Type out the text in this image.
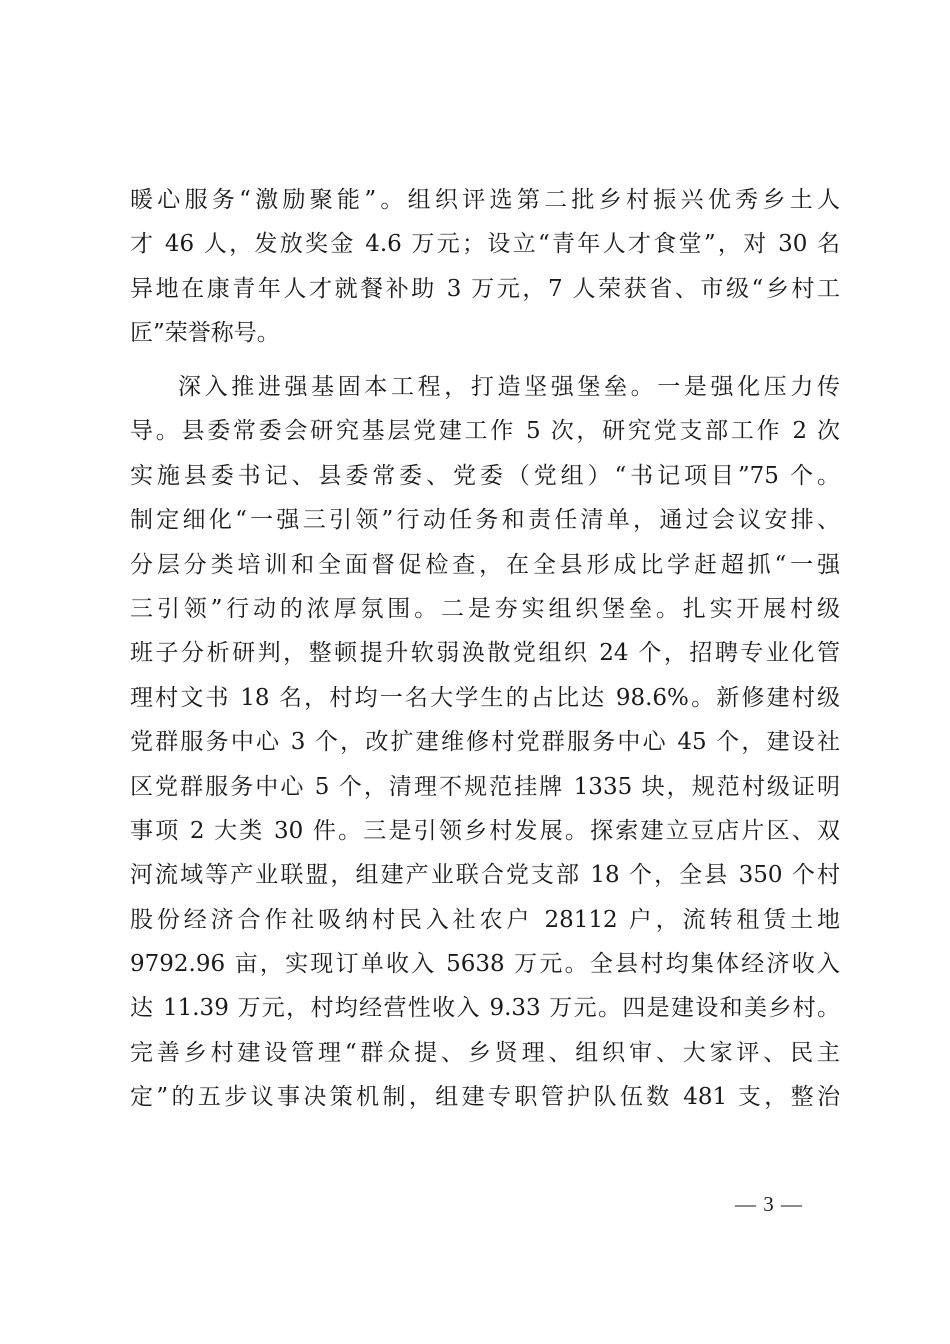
暖心服务“激励聚能”。组织评选第二批乡村振兴优秀乡土人
才 46 人，发放奖金 4.6 万元；设立“青年人才食堂”，对 30 名
异地在康青年人才就餐补助 3 万元，7 人荣获省、市级“乡村工
匠”荣誉称号。
深入推进强基固本工程，打造坚强堡垒。一是强化压力传
导。县委常委会研究基层党建工作 5 次，研究党支部工作 2 次
实施县委书记、县委常委、党委（党组）“书记项目”75 个。
制定细化“一强三引领”行动任务和责任清单，通过会议安排、
分层分类培训和全面督促检查，在全县形成比学赶超抓“一强
三引领”行动的浓厚氛围。二是夯实组织堡垒。扎实开展村级
班子分析研判，整顿提升软弱涣散党组织 24 个，招聘专业化管
理村文书 18 名，村均一名大学生的占比达 98.6%。新修建村级
党群服务中心 3 个，改扩建维修村党群服务中心 45 个，建设社
区党群服务中心 5 个，清理不规范挂牌 1335 块，规范村级证明
事项 2 大类 30 件。三是引领乡村发展。探索建立豆店片区、双
河流域等产业联盟，组建产业联合党支部 18 个，全县 350 个村
股份经济合作社吸纳村民入社农户 28112 户，流转租赁土地
9792.96 亩，实现订单收入 5638 万元。全县村均集体经济收入
达 11.39 万元，村均经营性收入 9.33 万元。四是建设和美乡村。
完善乡村建设管理“群众提、乡贤理、组织审、大家评、民主
定”的五步议事决策机制，组建专职管护队伍数 481 支，整治
— 3 —
